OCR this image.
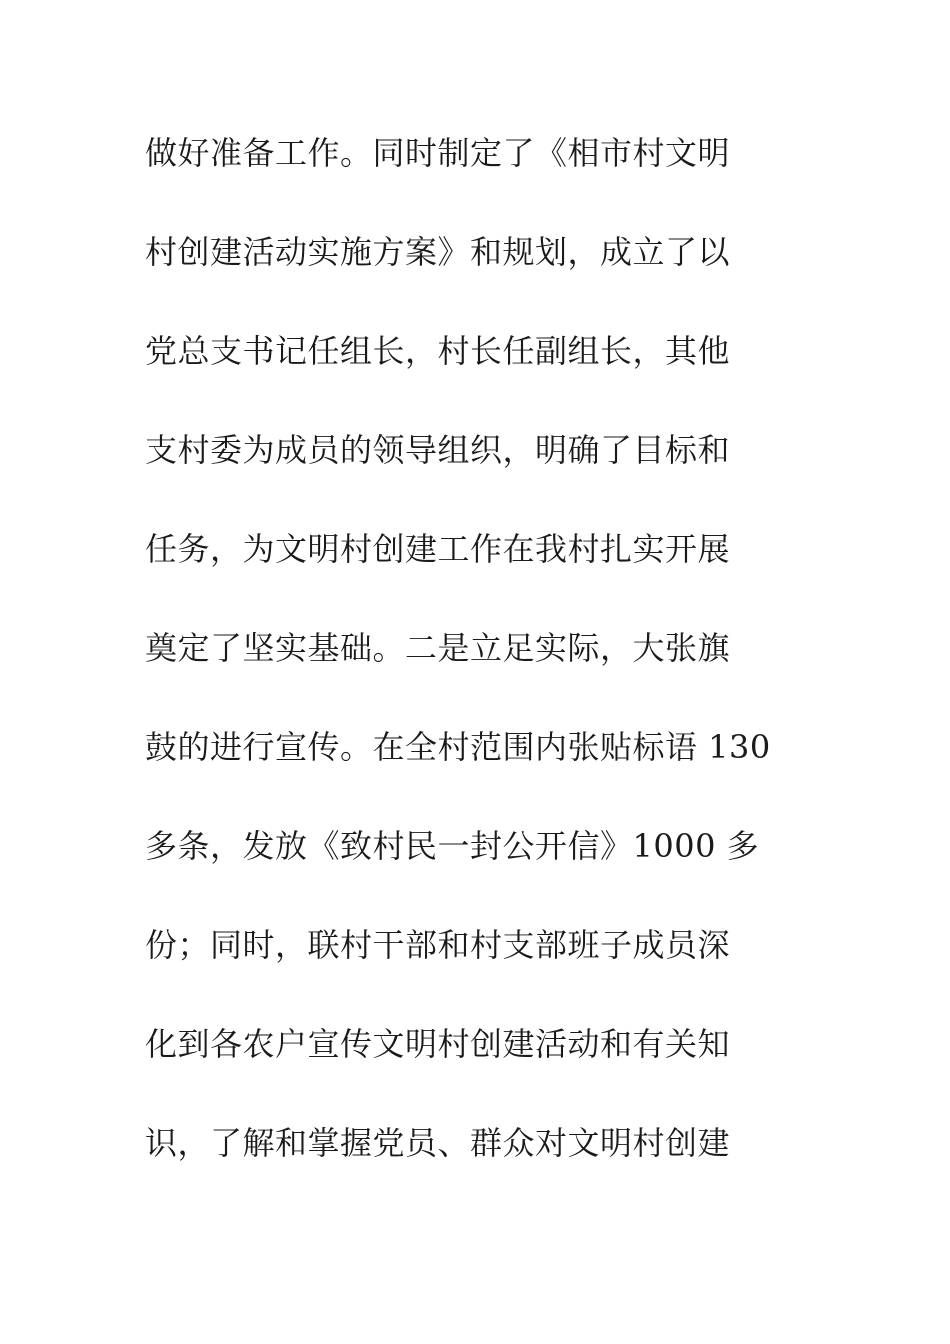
做好准备工作。同时制定了《相市村文明
村创建活动实施方案》和规划，成立了以
党总支书记任组长，村长任副组长，其他
支村委为成员的领导组织，明确了目标和
任务，为文明村创建工作在我村扎实开展
奠定了坚实基础。二是立足实际，大张旗
鼓的进行宣传。在全村范围内张贴标语 130
多条，发放《致村民一封公开信》1000 多
份；同时，联村干部和村支部班子成员深
化到各农户宣传文明村创建活动和有关知
识，了解和掌握党员、群众对文明村创建
